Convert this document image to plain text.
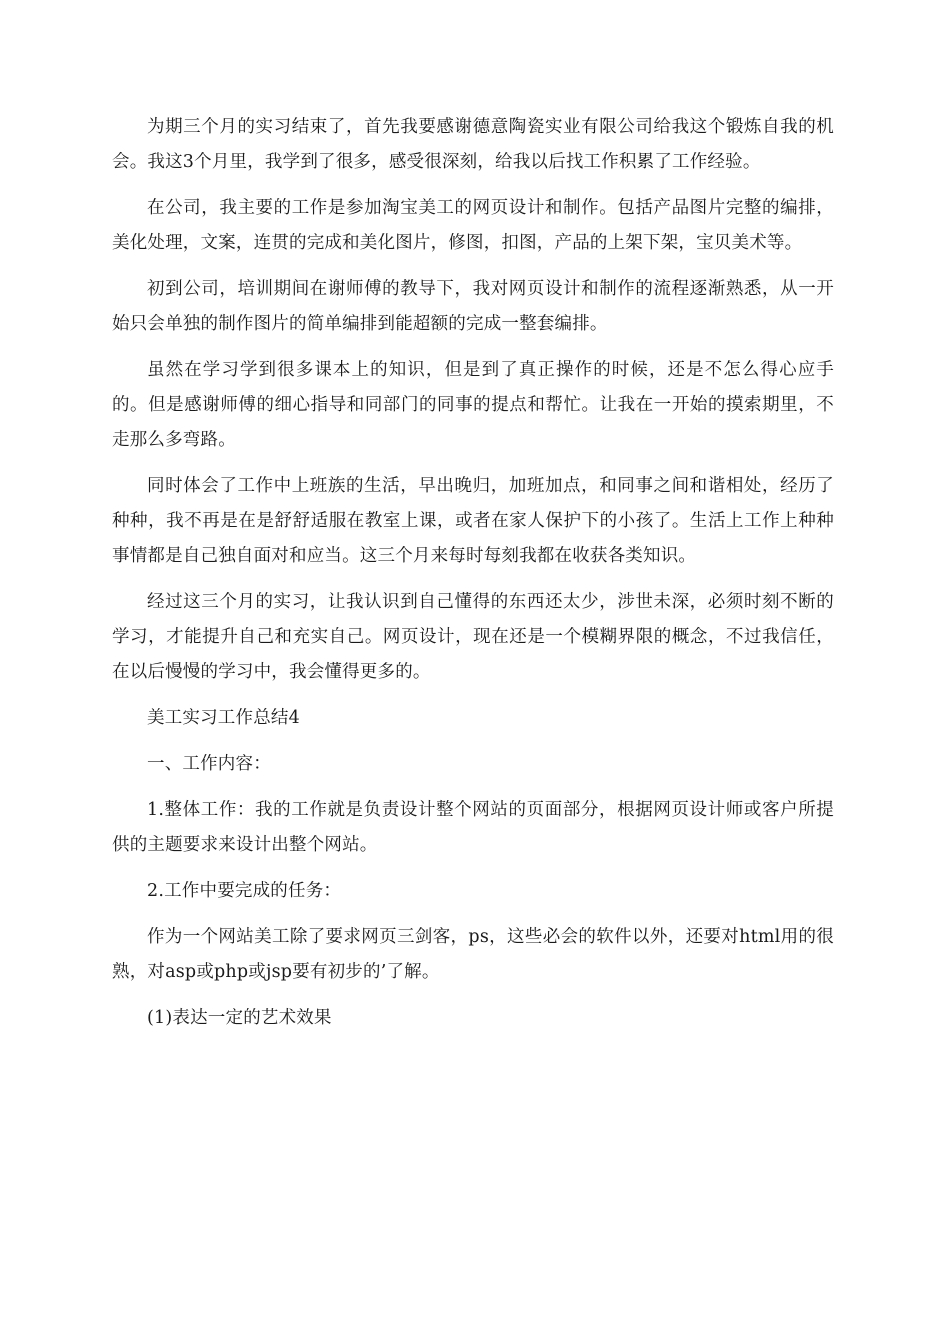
为期三个月的实习结束了，首先我要感谢德意陶瓷实业有限公司给我这个锻炼自我的机会。我这3个月里，我学到了很多，感受很深刻，给我以后找工作积累了工作经验。

在公司，我主要的工作是参加淘宝美工的网页设计和制作。包括产品图片完整的编排，美化处理，文案，连贯的完成和美化图片，修图，扣图，产品的上架下架，宝贝美术等。

初到公司，培训期间在谢师傅的教导下，我对网页设计和制作的流程逐渐熟悉，从一开始只会单独的制作图片的简单编排到能超额的完成一整套编排。

虽然在学习学到很多课本上的知识，但是到了真正操作的时候，还是不怎么得心应手的。但是感谢师傅的细心指导和同部门的同事的提点和帮忙。让我在一开始的摸索期里，不走那么多弯路。

同时体会了工作中上班族的生活，早出晚归，加班加点，和同事之间和谐相处，经历了种种，我不再是在是舒舒适服在教室上课，或者在家人保护下的小孩了。生活上工作上种种事情都是自己独自面对和应当。这三个月来每时每刻我都在收获各类知识。

经过这三个月的实习，让我认识到自己懂得的东西还太少，涉世未深，必须时刻不断的学习，才能提升自己和充实自己。网页设计，现在还是一个模糊界限的概念，不过我信任，在以后慢慢的学习中，我会懂得更多的。

美工实习工作总结4

一、工作内容：

1.整体工作：我的工作就是负责设计整个网站的页面部分，根据网页设计师或客户所提供的主题要求来设计出整个网站。

2.工作中要完成的任务：

作为一个网站美工除了要求网页三剑客，ps，这些必会的软件以外，还要对html用的很熟，对asp或php或jsp要有初步的’了解。

(1)表达一定的艺术效果
